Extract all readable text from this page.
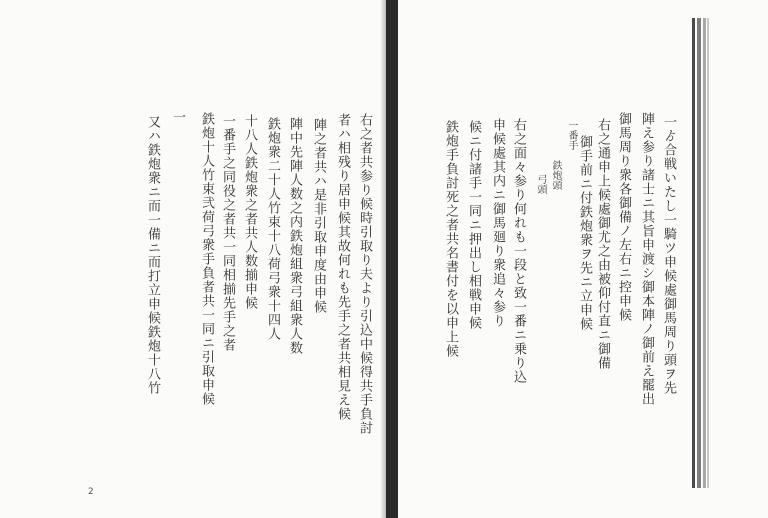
一ゟ合戦いたし一騎ツ申候處御馬周り頭ヲ先
陣え参り諸士ニ其旨申渡シ御本陣ノ御前え罷出
御馬周り衆各御備ノ左右ニ控申候
右之通申上候處御尤之由被仰付直ニ御備
御手前ニ付鉄炮衆ヲ先ニ立申候
一番手
鉄炮頭
弓頭
右之面々参り何れも一段と致一番ニ乗り込
申候處其内ニ御馬廻り衆追々参り
候ニ付諸手一同ニ押出し相戦申候
鉄炮手負討死之者共名書付を以申上候
右之者共参り候時引取り夫より引込中候得共手負討
者ハ相残り居申候其故何れも先手之者共相見え候
陣之者共ハ是非引取申度由申候
陣中先陣人数之内鉄炮組衆弓組衆人数
鉄炮衆二十人竹束十八荷弓衆十四人
十八人鉄炮衆之者共人数揃申候
一番手之同役之者共一同相揃先手之者
鉄炮十人竹束弐荷弓衆手負者共一同ニ引取申候
一
又ハ鉄炮衆ニ而一備ニ而打立申候鉄炮十八竹
2
